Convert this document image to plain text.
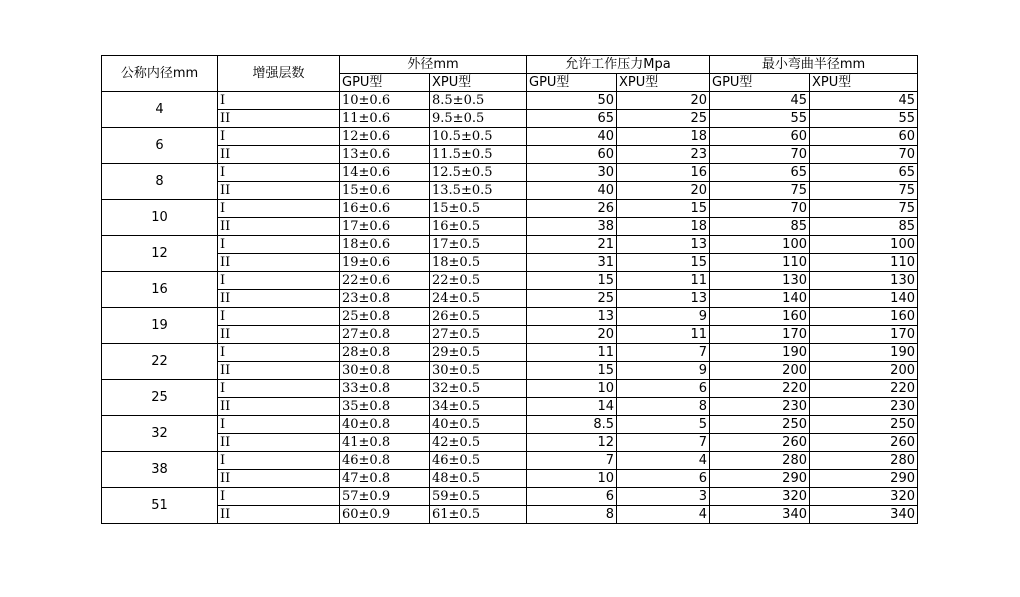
公称内径mm	增强层数	外径mm		允许工作压力Mpa		最小弯曲半径mm	
		GPU型	XPU型	GPU型	XPU型	GPU型	XPU型
4	I	10±0.6	8.5±0.5	50	20	45	45
	II	11±0.6	9.5±0.5	65	25	55	55
6	I	12±0.6	10.5±0.5	40	18	60	60
	II	13±0.6	11.5±0.5	60	23	70	70
8	I	14±0.6	12.5±0.5	30	16	65	65
	II	15±0.6	13.5±0.5	40	20	75	75
10	I	16±0.6	15±0.5	26	15	70	75
	II	17±0.6	16±0.5	38	18	85	85
12	I	18±0.6	17±0.5	21	13	100	100
	II	19±0.6	18±0.5	31	15	110	110
16	I	22±0.6	22±0.5	15	11	130	130
	II	23±0.8	24±0.5	25	13	140	140
19	I	25±0.8	26±0.5	13	9	160	160
	II	27±0.8	27±0.5	20	11	170	170
22	I	28±0.8	29±0.5	11	7	190	190
	II	30±0.8	30±0.5	15	9	200	200
25	I	33±0.8	32±0.5	10	6	220	220
	II	35±0.8	34±0.5	14	8	230	230
32	I	40±0.8	40±0.5	8.5	5	250	250
	II	41±0.8	42±0.5	12	7	260	260
38	I	46±0.8	46±0.5	7	4	280	280
	II	47±0.8	48±0.5	10	6	290	290
51	I	57±0.9	59±0.5	6	3	320	320
	II	60±0.9	61±0.5	8	4	340	340
